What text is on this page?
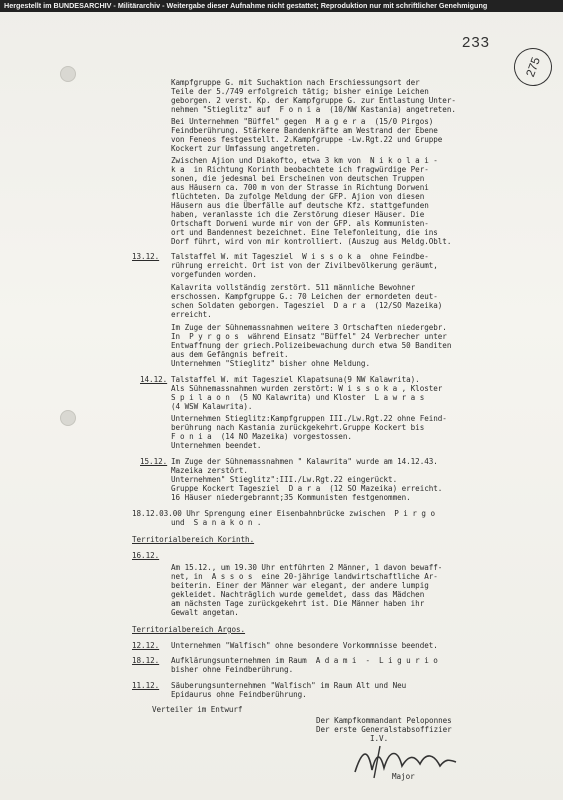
Hergestellt im BUNDESARCHIV - Militärarchiv - Weitergabe dieser Aufnahme nicht gestattet; Reproduktion nur mit schriftlicher Genehmigung
233
275
Kampfgruppe G. mit Suchaktion nach Erschiessungsort der
Teile der 5./749 erfolgreich tätig; bisher einige Leichen
geborgen. 2 verst. Kp. der Kampfgruppe G. zur Entlastung Unter-
nehmen "Stieglitz" auf  F o n i a  (10/NW Kastania) angetreten.
Bei Unternehmen "Büffel" gegen  M a g e r a  (15/0 Pirgos)
Feindberührung. Stärkere Bandenkräfte am Westrand der Ebene
von Feneos festgestellt. 2.Kampfgruppe -Lw.Rgt.22 und Gruppe
Kockert zur Umfassung angetreten.
Zwischen Ajion und Diakofto, etwa 3 km von  N i k o l a i -
k a  in Richtung Korinth beobachtete ich fragwürdige Per-
sonen, die jedesmal bei Erscheinen von deutschen Truppen
aus Häusern ca. 700 m von der Strasse in Richtung Dorweni
flüchteten. Da zufolge Meldung der GFP. Ajion von diesen
Häusern aus die Überfälle auf deutsche Kfz. stattgefunden
haben, veranlasste ich die Zerstörung dieser Häuser. Die
Ortschaft Dorweni wurde mir von der GFP. als Kommunisten-
ort und Bandennest bezeichnet. Eine Telefonleitung, die ins
Dorf führt, wird von mir kontrolliert. (Auszug aus Meldg.Oblt.
13.12. Talstaffel W. mit Tagesziel  W i s s o k a  ohne Feindbe-
rührung erreicht. Ort ist von der Zivilbevölkerung geräumt,
vorgefunden worden.
Kalavrita vollständig zerstört. 511 männliche Bewohner
erschossen. Kampfgruppe G.: 70 Leichen der ermordeten deut-
schen Soldaten geborgen. Tagesziel  D a r a  (12/SO Mazeika)
erreicht.
Im Zuge der Sühnemassnahmen weitere 3 Ortschaften niedergebr.
In  P y r g o s  während Einsatz "Büffel" 24 Verbrecher unter
Entwaffnung der griech.Polizeibewachung durch etwa 50 Banditen
aus dem Gefängnis befreit.
Unternehmen "Stieglitz" bisher ohne Meldung.
14.12. Talstaffel W. mit Tagesziel Klapatsuna(9 NW Kalawrita).
Als Sühnemassnahmen wurden zerstört: W i s s o k a , Kloster
S p i l a o n  (5 NO Kalawrita) und Kloster  L a w r a s
(4 WSW Kalawrita).
Unternehmen Stieglitz:Kampfgruppen III./Lw.Rgt.22 ohne Feind-
berührung nach Kastania zurückgekehrt.Gruppe Kockert bis
F o n i a  (14 NO Mazeika) vorgestossen.
Unternehmen beendet.
15.12. Im Zuge der Sühnemassnahmen " Kalawrita" wurde am 14.12.43.
Mazeika zerstört.
Unternehmen" Stieglitz":III./Lw.Rgt.22 eingerückt.
Gruppe Kockert Tagesziel  D a r a  (12 SO Mazeika) erreicht.
16 Häuser niedergebrannt;35 Kommunisten festgenommen.
18.12.03.00 Uhr Sprengung einer Eisenbahnbrücke zwischen  P i r g o
und  S a n a k o n .
Territorialbereich Korinth.
16.12.
Am 15.12., um 19.30 Uhr entführten 2 Männer, 1 davon bewaff-
net, in  A s s o s  eine 20-jährige landwirtschaftliche Ar-
beiterin. Einer der Männer war elegant, der andere lumpig
gekleidet. Nachträglich wurde gemeldet, dass das Mädchen
am nächsten Tage zurückgekehrt ist. Die Männer haben ihr
Gewalt angetan.
Territorialbereich Argos.
12.12. Unternehmen "Walfisch" ohne besondere Vorkommnisse beendet.
18.12. Aufklärungsunternehmen im Raum  A d a m i  -  L i g u r i o
bisher ohne Feindberührung.
11.12. Säuberungsunternehmen "Walfisch" im Raum Alt und Neu
Epidaurus ohne Feindberührung.
Verteiler im Entwurf
Der Kampfkommandant Peloponnes
Der erste Generalstabsoffizier
I.V.
Major
